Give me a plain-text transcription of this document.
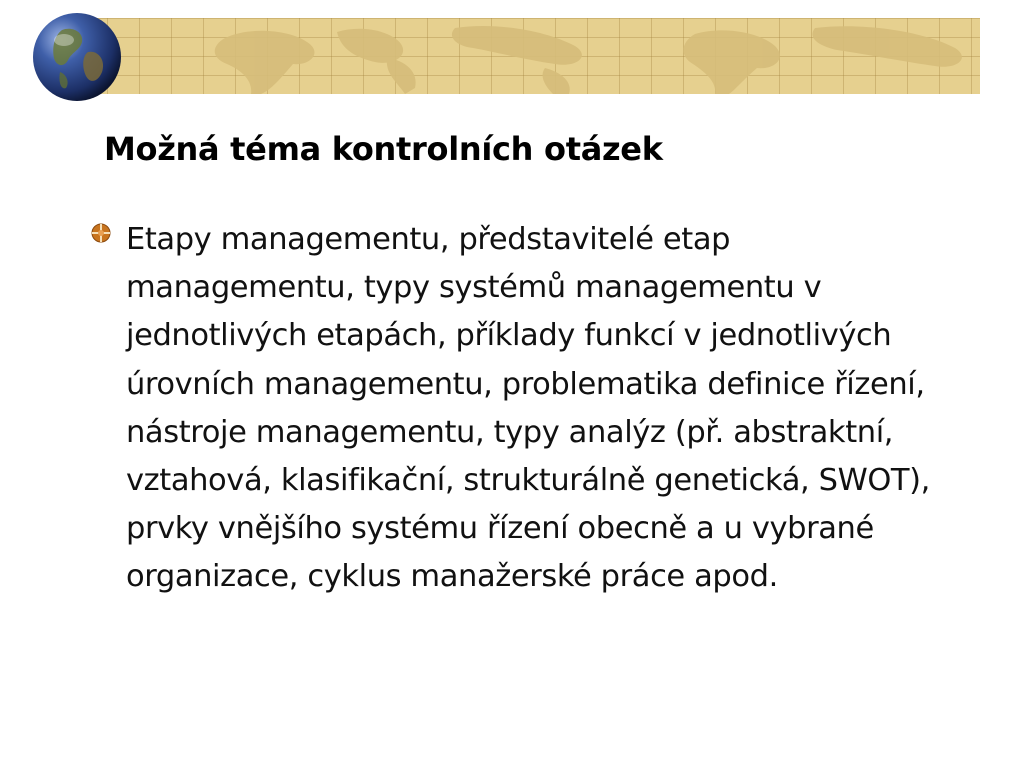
Možná téma kontrolních otázek
Etapy managementu, představitelé etap managementu, typy systémů managementu v jednotlivých etapách, příklady funkcí v jednotlivých úrovních managementu, problematika definice řízení, nástroje managementu, typy analýz (př. abstraktní, vztahová, klasifikační, strukturálně genetická, SWOT), prvky vnějšího systému řízení obecně a u vybrané organizace, cyklus manažerské práce apod.
